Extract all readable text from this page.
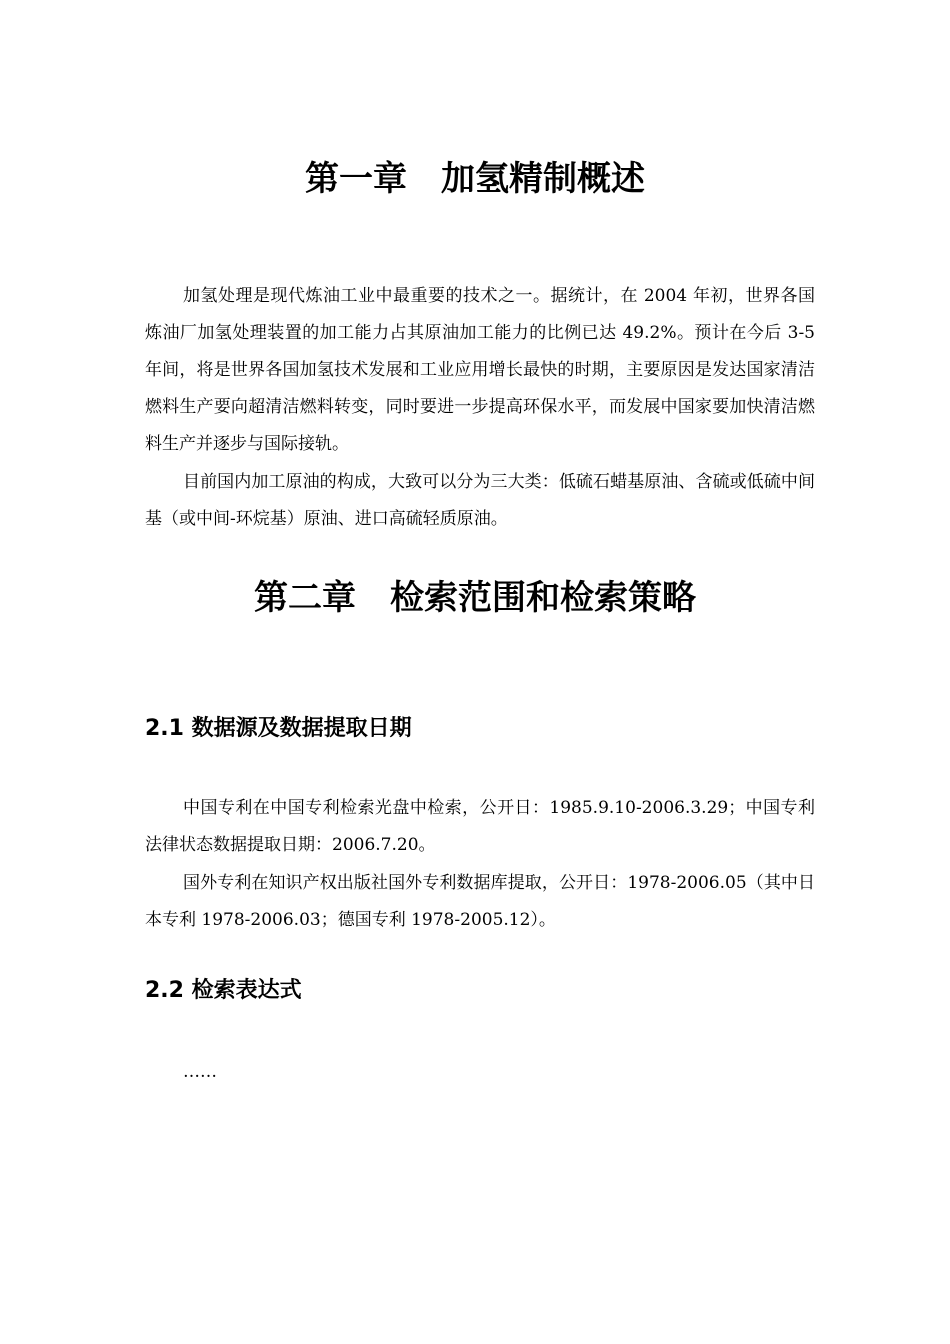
第一章　加氢精制概述
加氢处理是现代炼油工业中最重要的技术之一。据统计，在 2004 年初，世界各国炼油厂加氢处理装置的加工能力占其原油加工能力的比例已达 49.2%。预计在今后 3-5 年间，将是世界各国加氢技术发展和工业应用增长最快的时期，主要原因是发达国家清洁燃料生产要向超清洁燃料转变，同时要进一步提高环保水平，而发展中国家要加快清洁燃料生产并逐步与国际接轨。
目前国内加工原油的构成，大致可以分为三大类：低硫石蜡基原油、含硫或低硫中间基（或中间-环烷基）原油、进口高硫轻质原油。
第二章　检索范围和检索策略
2.1 数据源及数据提取日期
中国专利在中国专利检索光盘中检索，公开日：1985.9.10-2006.3.29；中国专利法律状态数据提取日期：2006.7.20。
国外专利在知识产权出版社国外专利数据库提取，公开日：1978-2006.05（其中日本专利 1978-2006.03；德国专利 1978-2005.12）。
2.2 检索表达式
……
